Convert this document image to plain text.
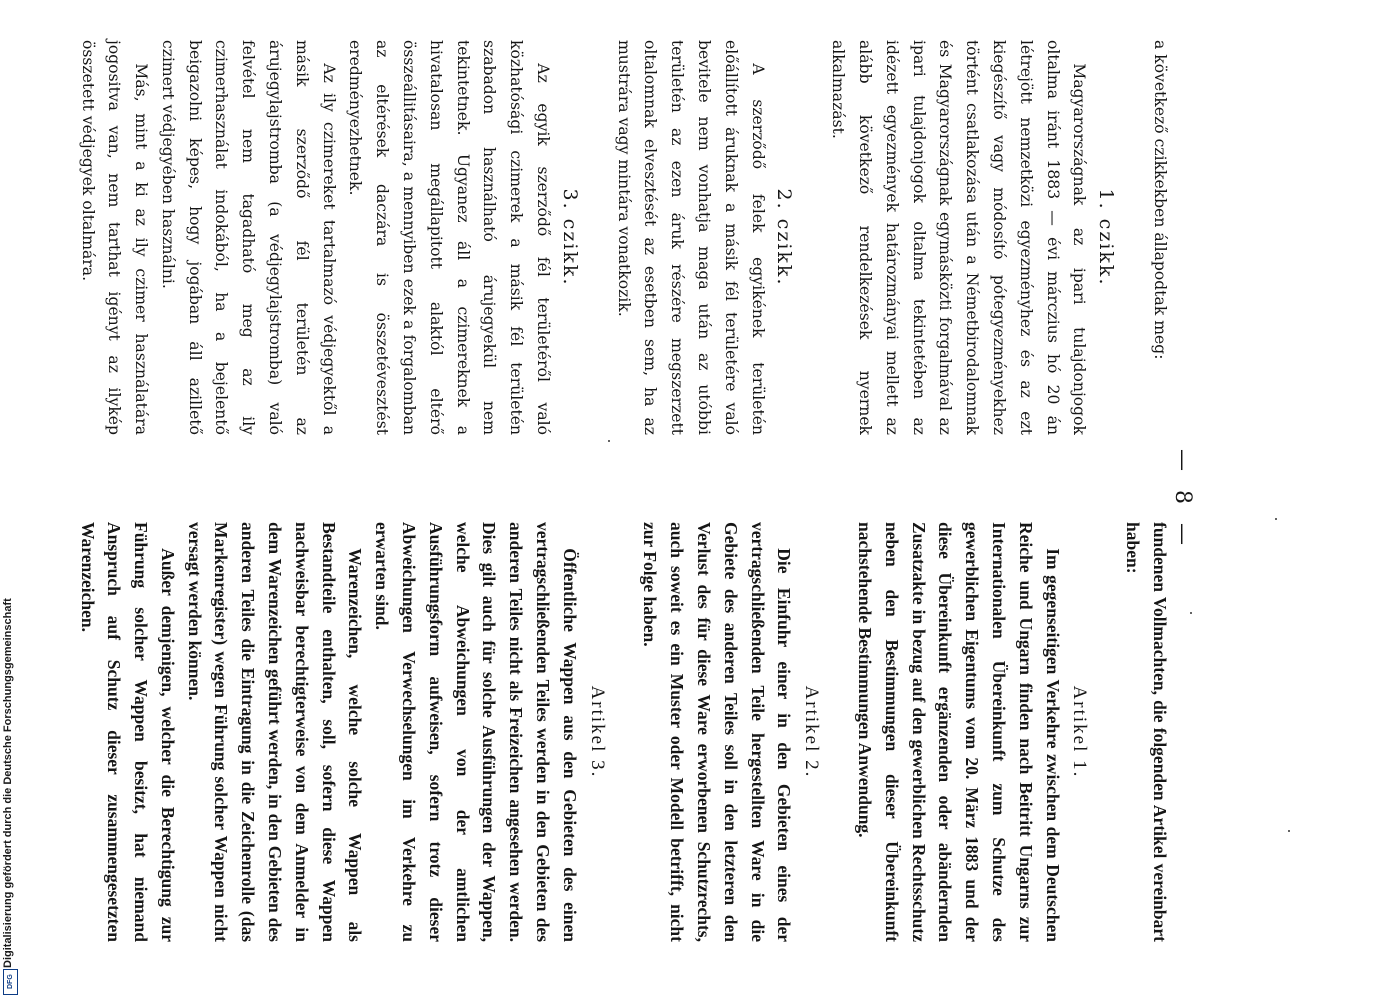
— 8 —

a következő czikkekben állapodtak meg:

1. czikk.

Magyarországnak az ipari tulajdonjogok oltalma iránt 1883 — évi márczius hó 20 án létrejött nemzetközi egyezményhez és az ezt kiegészítő vagy módosító pótegyezményekhez történt csatlakozása után a Németbirodalomnak és Magyarországnak egymásközti forgalmával az ipari tulajdonjogok oltalma tekintetében az idézett egyezmények határozmányai mellett az alább következő rendelkezések nyernek alkalmazást.

2. czikk.

A szerződő felek egyikének területén előállított áruknak a másik fél területére való bevitele nem vonhatja maga után az utóbbi területén az ezen áruk részére megszerzett oltalomnak elvesztését az esetben sem, ha az mustrára vagy mintára vonatkozik.

3. czikk.

Az egyik szerződő fél területéről való közhatósági czimerek a másik fél területén szabadon használható árujegyekül nem tekintetnek. Ugyanez áll a czimereknek a hivatalosan megállapitott alaktól eltérő összeállitásaira, a mennyiben ezek a forgalomban az eltérések daczára is összetévesztést eredményezhetnek.

Az ily czimereket tartalmazó védjegyektől a másik szerződő fél területén az árujegylajstromba (a védjegylajstromba) való felvétel nem tagadható meg az ily czimerhasználat indokából, ha a bejelentő beigazolni képes, hogy jogában áll azillető czimert védjegyében használni.

Más, mint a ki az ily czimer használatára jogositva van, nem tarthat igényt az ilykép összetett védjegyek oltalmára.

fundenen Vollmachten, die folgenden Artikel vereinbart haben:

Artikel 1.

Im gegenseitigen Verkehre zwischen dem Deutschen Reiche und Ungarn finden nach Beitritt Ungarns zur Internationalen Übereinkunft zum Schutze des gewerblichen Eigentums vom 20. März 1883 und der diese Übereinkunft ergänzenden oder abändernden Zusatzakte in bezug auf den gewerblichen Rechtsschutz neben den Bestimmungen dieser Übereinkunft nachstehende Bestimmungen Anwendung.

Artikel 2.

Die Einfuhr einer in den Gebieten eines der vertragschließenden Teile hergestellten Ware in die Gebiete des anderen Teiles soll in den letzteren den Verlust des für diese Ware erworbenen Schutzrechts, auch soweit es ein Muster oder Modell betrifft, nicht zur Folge haben.

Artikel 3.

Öffentliche Wappen aus den Gebieten des einen vertragschließenden Teiles werden in den Gebieten des anderen Teiles nicht als Freizeichen angesehen werden. Dies gilt auch für solche Ausführungen der Wappen, welche Abweichungen von der amtlichen Ausführungsform aufweisen, sofern trotz dieser Abweichungen Verwechselungen im Verkehre zu erwarten sind.

Warenzeichen, welche solche Wappen als Bestandteile enthalten, soll, sofern diese Wappen nachweisbar berechtigterweise von dem Anmelder in dem Warenzeichen geführt werden, in den Gebieten des anderen Teiles die Eintragung in die Zeichenrolle (das Markenregister) wegen Führung solcher Wappen nicht versagt werden können.

Außer demjenigen, welcher die Berechtigung zur Führung solcher Wappen besitzt, hat niemand Anspruch auf Schutz dieser zusammengesetzten Warenzeichen.

Digitalisierung gefördert durch die Deutsche Forschungsgemeinschaft
DFG
